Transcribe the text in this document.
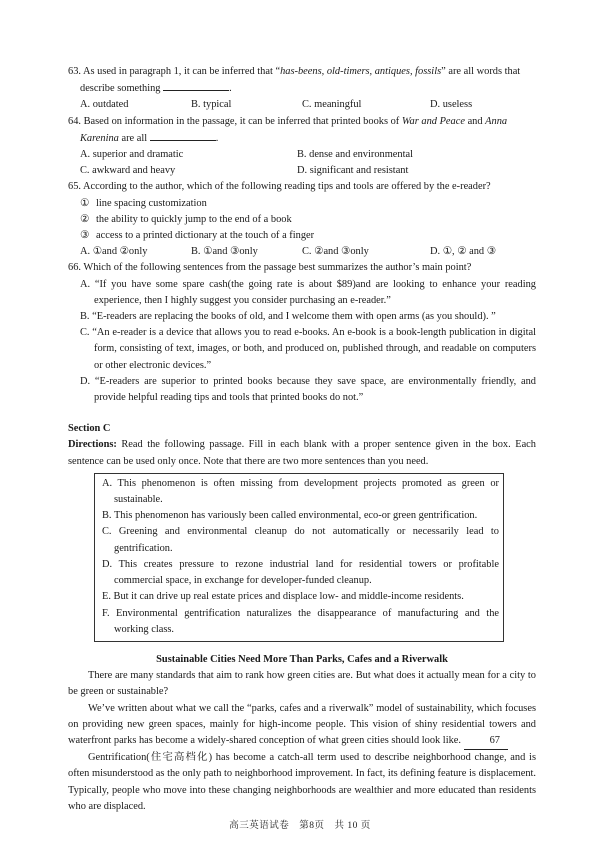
63. As used in paragraph 1, it can be inferred that “has-beens, old-timers, antiques, fossils” are all words that describe something	.
A. outdated	B. typical	C. meaningful	D. useless
64. Based on information in the passage, it can be inferred that printed books of War and Peace and Anna Karenina are all	.
A. superior and dramatic	B. dense and environmental
C. awkward and heavy	D. significant and resistant
65. According to the author, which of the following reading tips and tools are offered by the e-reader?
① line spacing customization
② the ability to quickly jump to the end of a book
③ access to a printed dictionary at the touch of a finger
A. ①and ②only	B. ①and ③only	C. ②and ③only	D. ①, ② and ③
66. Which of the following sentences from the passage best summarizes the author’s main point?
A. “If you have some spare cash(the going rate is about $89)and are looking to enhance your reading experience, then I highly suggest you consider purchasing an e-reader.”
B. “E-readers are replacing the books of old, and I welcome them with open arms (as you should). ”
C. “An e-reader is a device that allows you to read e-books. An e-book is a book-length publication in digital form, consisting of text, images, or both, and produced on, published through, and readable on computers or other electronic devices.”
D. “E-readers are superior to printed books because they save space, are environmentally friendly, and provide helpful reading tips and tools that printed books do not.”
Section C
Directions: Read the following passage. Fill in each blank with a proper sentence given in the box. Each sentence can be used only once. Note that there are two more sentences than you need.
A. This phenomenon is often missing from development projects promoted as green or sustainable.
B. This phenomenon has variously been called environmental, eco-or green gentrification.
C. Greening and environmental cleanup do not automatically or necessarily lead to gentrification.
D. This creates pressure to rezone industrial land for residential towers or profitable commercial space, in exchange for developer-funded cleanup.
E. But it can drive up real estate prices and displace low- and middle-income residents.
F. Environmental gentrification naturalizes the disappearance of manufacturing and the working class.
Sustainable Cities Need More Than Parks, Cafes and a Riverwalk
There are many standards that aim to rank how green cities are. But what does it actually mean for a city to be green or sustainable?
We’ve written about what we call the “parks, cafes and a riverwalk” model of sustainability, which focuses on providing new green spaces, mainly for high-income people. This vision of shiny residential towers and waterfront parks has become a widely-shared conception of what green cities should look like.	67
Gentrification(住宅高档化) has become a catch-all term used to describe neighborhood change, and is often misunderstood as the only path to neighborhood improvement. In fact, its defining feature is displacement. Typically, people who move into these changing neighborhoods are wealthier and more educated than residents who are displaced.
高三英语试卷　第8页　共 10 页
